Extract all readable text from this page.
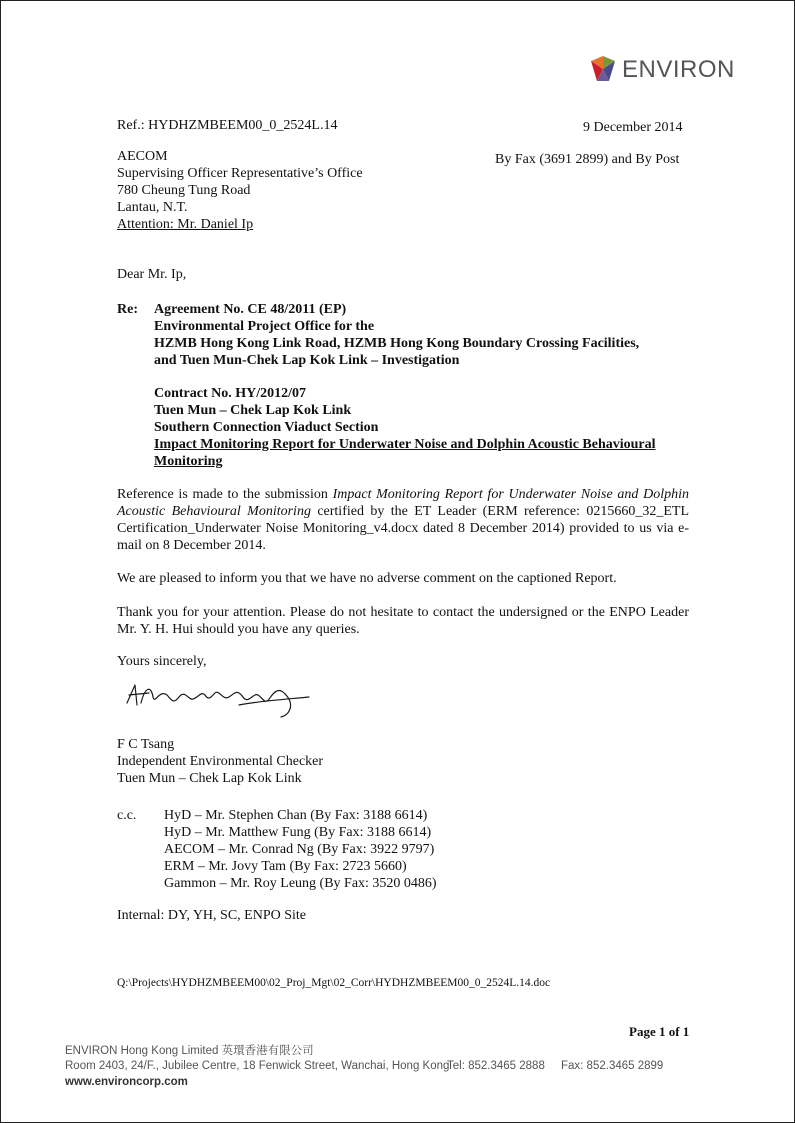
ENVIRON
Ref.: HYDHZMBEEM00_0_2524L.14	9 December 2014
By Fax (3691 2899) and By Post
AECOM
Supervising Officer Representative’s Office
780 Cheung Tung Road
Lantau, N.T.
Attention: Mr. Daniel Ip
Dear Mr. Ip,
Re: Agreement No. CE 48/2011 (EP)
Environmental Project Office for the
HZMB Hong Kong Link Road, HZMB Hong Kong Boundary Crossing Facilities,
and Tuen Mun-Chek Lap Kok Link – Investigation
Contract No. HY/2012/07
Tuen Mun – Chek Lap Kok Link
Southern Connection Viaduct Section
Impact Monitoring Report for Underwater Noise and Dolphin Acoustic Behavioural
Monitoring
Reference is made to the submission Impact Monitoring Report for Underwater Noise and Dolphin Acoustic Behavioural Monitoring certified by the ET Leader (ERM reference: 0215660_32_ETL Certification_Underwater Noise Monitoring_v4.docx dated 8 December 2014) provided to us via e-mail on 8 December 2014.
We are pleased to inform you that we have no adverse comment on the captioned Report.
Thank you for your attention. Please do not hesitate to contact the undersigned or the ENPO Leader Mr. Y. H. Hui should you have any queries.
Yours sincerely,
F C Tsang
Independent Environmental Checker
Tuen Mun – Chek Lap Kok Link
c.c. HyD – Mr. Stephen Chan (By Fax: 3188 6614)
HyD – Mr. Matthew Fung (By Fax: 3188 6614)
AECOM – Mr. Conrad Ng (By Fax: 3922 9797)
ERM – Mr. Jovy Tam (By Fax: 2723 5660)
Gammon – Mr. Roy Leung (By Fax: 3520 0486)
Internal: DY, YH, SC, ENPO Site
Q:\Projects\HYDHZMBEEM00\02_Proj_Mgt\02_Corr\HYDHZMBEEM00_0_2524L.14.doc
Page 1 of 1
ENVIRON Hong Kong Limited 英環香港有限公司
Room 2403, 24/F., Jubilee Centre, 18 Fenwick Street, Wanchai, Hong Kong
Tel: 852.3465 2888 Fax: 852.3465 2899
www.environcorp.com
